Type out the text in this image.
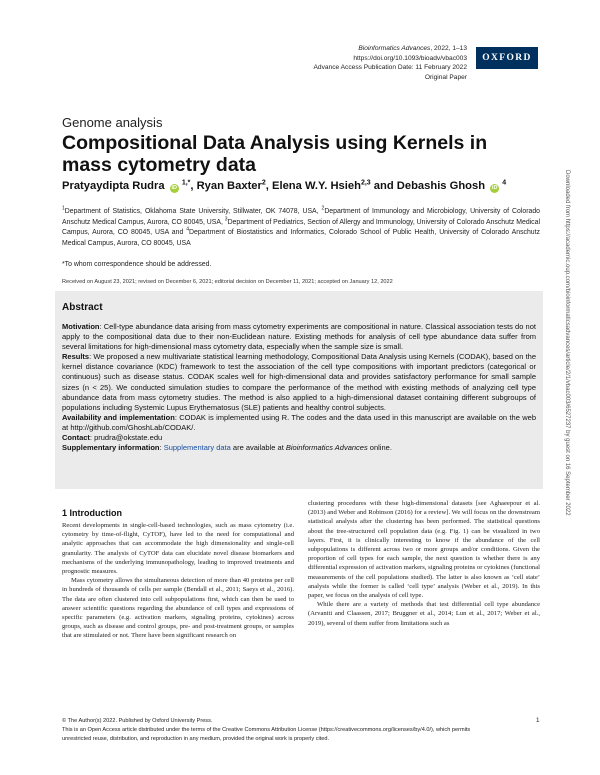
Bioinformatics Advances, 2022, 1–13
https://doi.org/10.1093/bioadv/vbac003
Advance Access Publication Date: 11 February 2022
Original Paper
OXFORD
Genome analysis
Compositional Data Analysis using Kernels in mass cytometry data
Pratyaydipta Rudra iD $^{1,*}$, Ryan Baxter$^2$, Elena W.Y. Hsieh$^{2,3}$ and Debashis Ghosh iD $^4$
$^1$Department of Statistics, Oklahoma State University, Stillwater, OK 74078, USA, $^2$Department of Immunology and Microbiology, University of Colorado Anschutz Medical Campus, Aurora, CO 80045, USA, $^3$Department of Pediatrics, Section of Allergy and Immunology, University of Colorado Anschutz Medical Campus, Aurora, CO 80045, USA and $^4$Department of Biostatistics and Informatics, Colorado School of Public Health, University of Colorado Anschutz Medical Campus, Aurora, CO 80045, USA
*To whom correspondence should be addressed.
Received on August 23, 2021; revised on December 6, 2021; editorial decision on December 11, 2021; accepted on January 12, 2022
Abstract

Motivation: Cell-type abundance data arising from mass cytometry experiments are compositional in nature. Classical association tests do not apply to the compositional data due to their non-Euclidean nature. Existing methods for analysis of cell type abundance data suffer from several limitations for high-dimensional mass cytometry data, especially when the sample size is small.

Results: We proposed a new multivariate statistical learning methodology, Compositional Data Analysis using Kernels (CODAK), based on the kernel distance covariance (KDC) framework to test the association of the cell type compositions with important predictors (categorical or continuous) such as disease status. CODAK scales well for high-dimensional data and provides satisfactory performance for small sample sizes (n < 25). We conducted simulation studies to compare the performance of the method with existing methods of analyzing cell type abundance data from mass cytometry studies. The method is also applied to a high-dimensional dataset containing different subgroups of populations including Systemic Lupus Erythematosus (SLE) patients and healthy control subjects.

Availability and implementation: CODAK is implemented using R. The codes and the data used in this manuscript are available on the web at http://github.com/GhoshLab/CODAK/.

Contact: prudra@okstate.edu

Supplementary information: Supplementary data are available at Bioinformatics Advances online.

1 Introduction

Recent developments in single-cell-based technologies, such as mass cytometry (i.e. cytometry by time-of-flight, CyTOF), have led to the need for computational and analytic approaches that can accommodate the high dimensionality and single-cell granularity. The analysis of CyTOF data can elucidate novel disease biomarkers and mechanisms of the underlying immunopathology, leading to improved treatments and prognostic measures.

Mass cytometry allows the simultaneous detection of more than 40 proteins per cell in hundreds of thousands of cells per sample (Bendall et al., 2011; Saeys et al., 2016). The data are often clustered into cell subpopulations first, which can then be used to answer scientific questions regarding the abundance of cell types and expressions of specific parameters (e.g. activation markers, signaling proteins, cytokines) across groups, such as disease and control groups, pre- and post-treatment groups, or samples that are stimulated or not. There have been significant research on

clustering procedures with these high-dimensional datasets [see Aghaeepour et al. (2013) and Weber and Robinson (2016) for a review]. We will focus on the downstream statistical analysis after the clustering has been performed. The statistical questions about the tree-structured cell population data (e.g. Fig. 1) can be visualized in two layers. First, it is clinically interesting to know if the abundance of the cell subpopulations is different across two or more groups and/or conditions. Given the proportion of cell types for each sample, the next question is whether there is any differential expression of activation markers, signaling proteins or cytokines (functional measurements of the cell populations studied). The latter is also known as ‘cell state’ analysis while the former is called ‘cell type’ analysis (Weber et al., 2019). In this paper, we focus on the analysis of cell type.

While there are a variety of methods that test differential cell type abundance (Arvaniti and Claassen, 2017; Bruggner et al., 2014; Lun et al., 2017; Weber et al., 2019), several of them suffer from limitations such as

© The Author(s) 2022. Published by Oxford University Press.
This is an Open Access article distributed under the terms of the Creative Commons Attribution License (https://creativecommons.org/licenses/by/4.0/), which permits
unrestricted reuse, distribution, and reproduction in any medium, provided the original work is properly cited.
1
Downloaded from https://academic.oup.com/bioinformaticsadvances/article/2/1/vbac003/6527237 by guest on 16 September 2022
